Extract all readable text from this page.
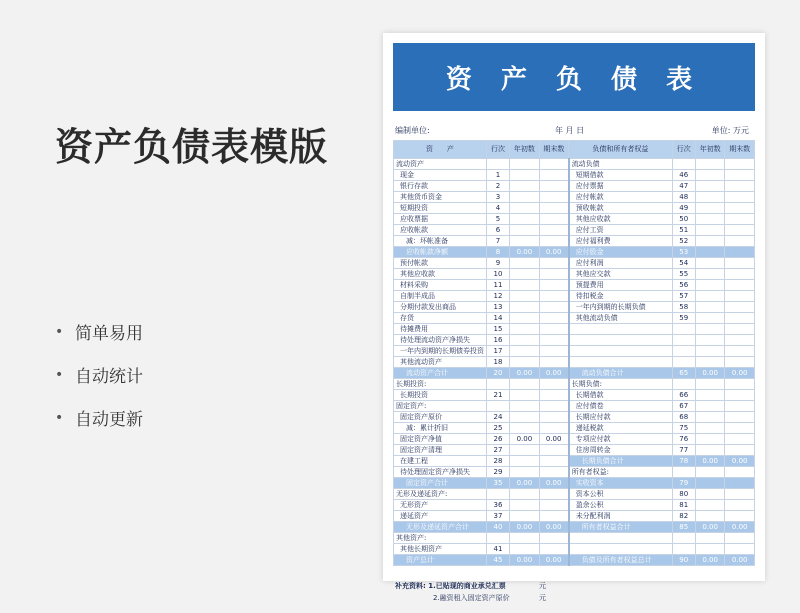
资产负债表模版
• 简单易用
• 自动统计
• 自动更新
资 产 负 债 表
编制单位:	年 月 日	单位: 万元
资　　产	行次	年初数	期末数	负债和所有者权益	行次	年初数	期末数
流动资产				流动负债			
现金	1			短期借款	46		
银行存款	2			应付票据	47		
其他货币资金	3			应付帐款	48		
短期投资	4			预收帐款	49		
应收票据	5			其他应收款	50		
应收帐款	6			应付工资	51		
减：坏帐准备	7			应付福利费	52		
应收帐款净额	8	0.00	0.00	应付股金	53		
预付帐款	9			应付利润	54		
其他应收款	10			其他应交款	55		
材料采购	11			预提费用	56		
自制半成品	12			待扣税金	57		
分期付款发出商品	13			一年内到期的长期负债	58		
存货	14			其他流动负债	59		
待摊费用	15						
待处理流动资产净损失	16						
一年内到期的长期债券投资	17						
其他流动资产	18						
流动资产合计	20	0.00	0.00	流动负债合计	65	0.00	0.00
长期投资:				长期负债:			
长期投资	21			长期借款	66		
固定资产:				应付债卷	67		
固定资产原价	24			长期应付款	68		
减：累计折旧	25			递延税款	75		
固定资产净值	26	0.00	0.00	专项应付款	76		
固定资产清理	27			住房周转金	77		
在建工程	28			长期负债合计	78	0.00	0.00
待处理固定资产净损失	29			所有者权益:			
固定资产合计	35	0.00	0.00	实收资本	79		
无形及递延资产:				资本公积	80		
无形资产	36			盈余公积	81		
递延资产	37			未分配利润	82		
无形及递延资产合计	40	0.00	0.00	所有者权益合计	85	0.00	0.00
其他资产:							
其他长期资产	41						
资产总计	45	0.00	0.00	负债及所有者权益总计	90	0.00	0.00
补充资料: 1.已贴现的商业承兑汇票	元
2.融资租入固定资产原价	元
